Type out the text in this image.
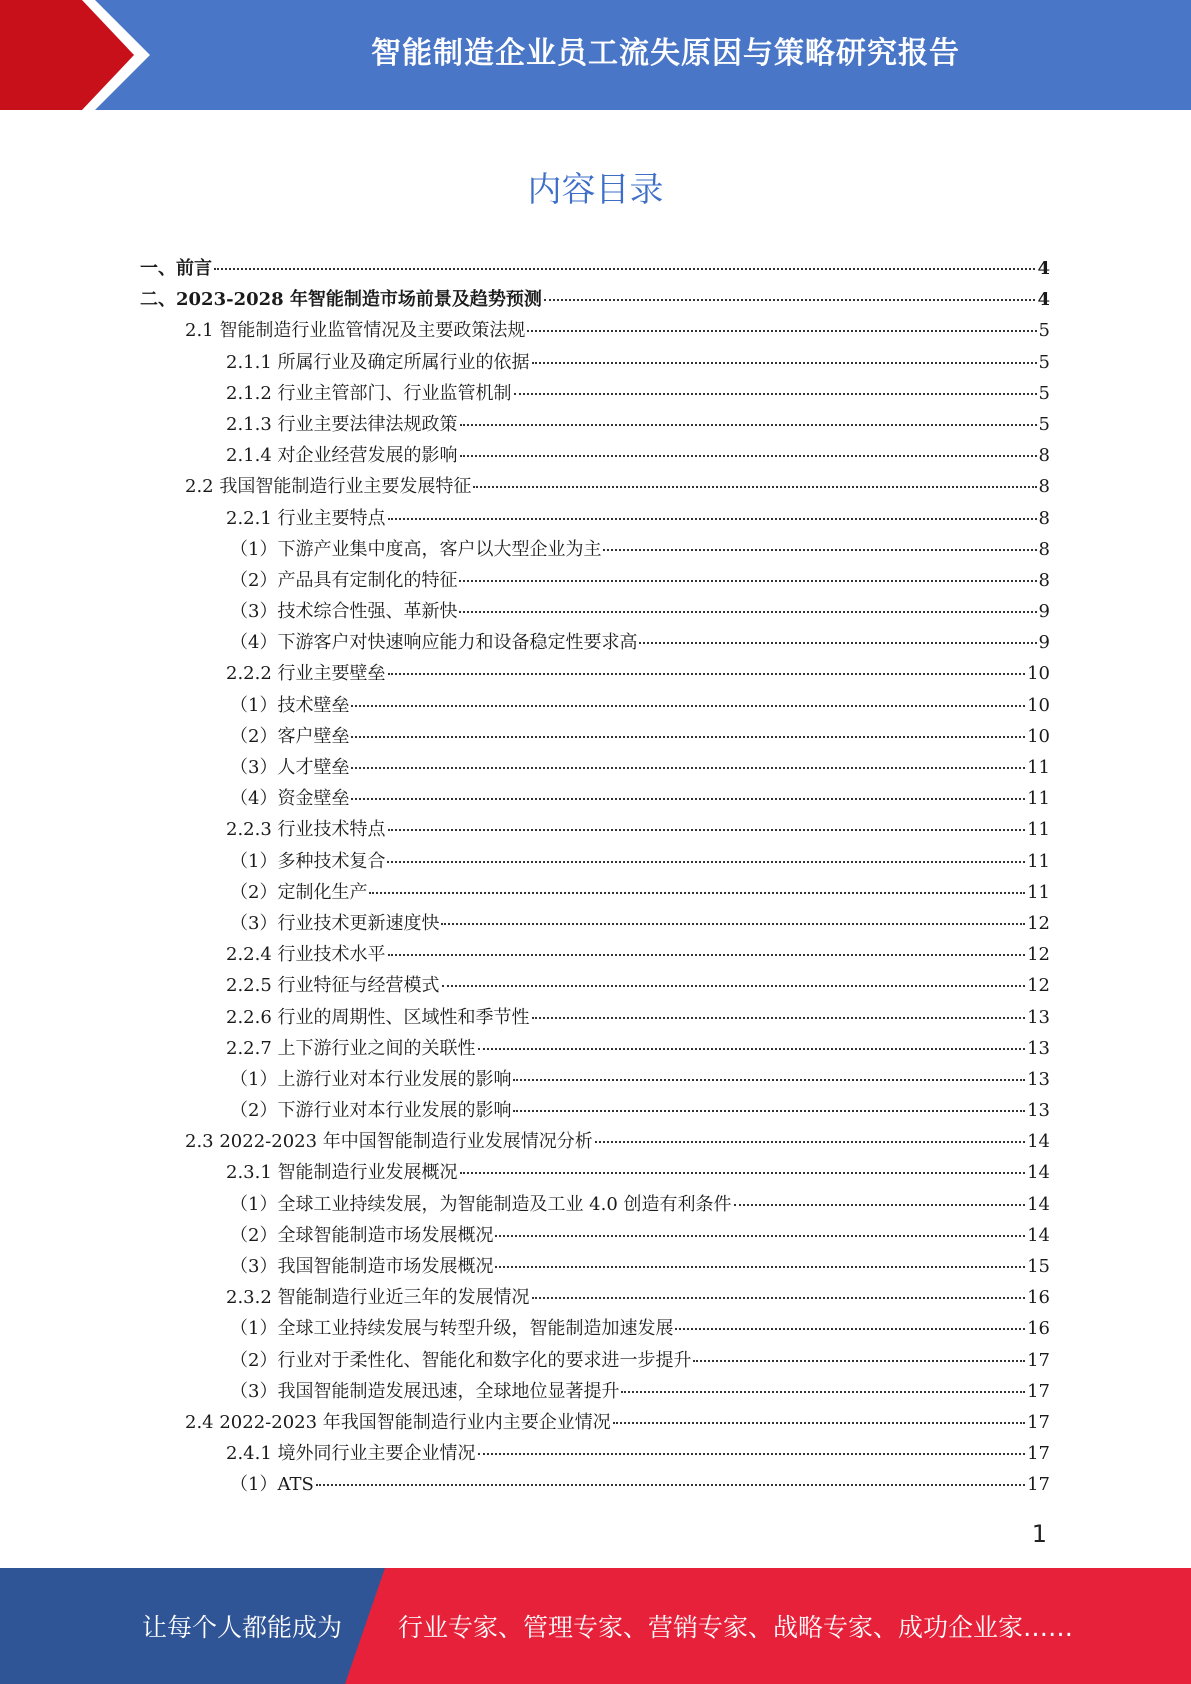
智能制造企业员工流失原因与策略研究报告
内容目录
一、前言	4
二、2023-2028 年智能制造市场前景及趋势预测	4
2.1 智能制造行业监管情况及主要政策法规	5
2.1.1 所属行业及确定所属行业的依据	5
2.1.2 行业主管部门、行业监管机制	5
2.1.3 行业主要法律法规政策	5
2.1.4 对企业经营发展的影响	8
2.2 我国智能制造行业主要发展特征	8
2.2.1 行业主要特点	8
（1）下游产业集中度高，客户以大型企业为主	8
（2）产品具有定制化的特征	8
（3）技术综合性强、革新快	9
（4）下游客户对快速响应能力和设备稳定性要求高	9
2.2.2 行业主要壁垒	10
（1）技术壁垒	10
（2）客户壁垒	10
（3）人才壁垒	11
（4）资金壁垒	11
2.2.3 行业技术特点	11
（1）多种技术复合	11
（2）定制化生产	11
（3）行业技术更新速度快	12
2.2.4 行业技术水平	12
2.2.5 行业特征与经营模式	12
2.2.6 行业的周期性、区域性和季节性	13
2.2.7 上下游行业之间的关联性	13
（1）上游行业对本行业发展的影响	13
（2）下游行业对本行业发展的影响	13
2.3 2022-2023 年中国智能制造行业发展情况分析	14
2.3.1 智能制造行业发展概况	14
（1）全球工业持续发展，为智能制造及工业 4.0 创造有利条件	14
（2）全球智能制造市场发展概况	14
（3）我国智能制造市场发展概况	15
2.3.2 智能制造行业近三年的发展情况	16
（1）全球工业持续发展与转型升级，智能制造加速发展	16
（2）行业对于柔性化、智能化和数字化的要求进一步提升	17
（3）我国智能制造发展迅速，全球地位显著提升	17
2.4 2022-2023 年我国智能制造行业内主要企业情况	17
2.4.1 境外同行业主要企业情况	17
（1）ATS	17
1
让每个人都能成为 行业专家、管理专家、营销专家、战略专家、成功企业家……
